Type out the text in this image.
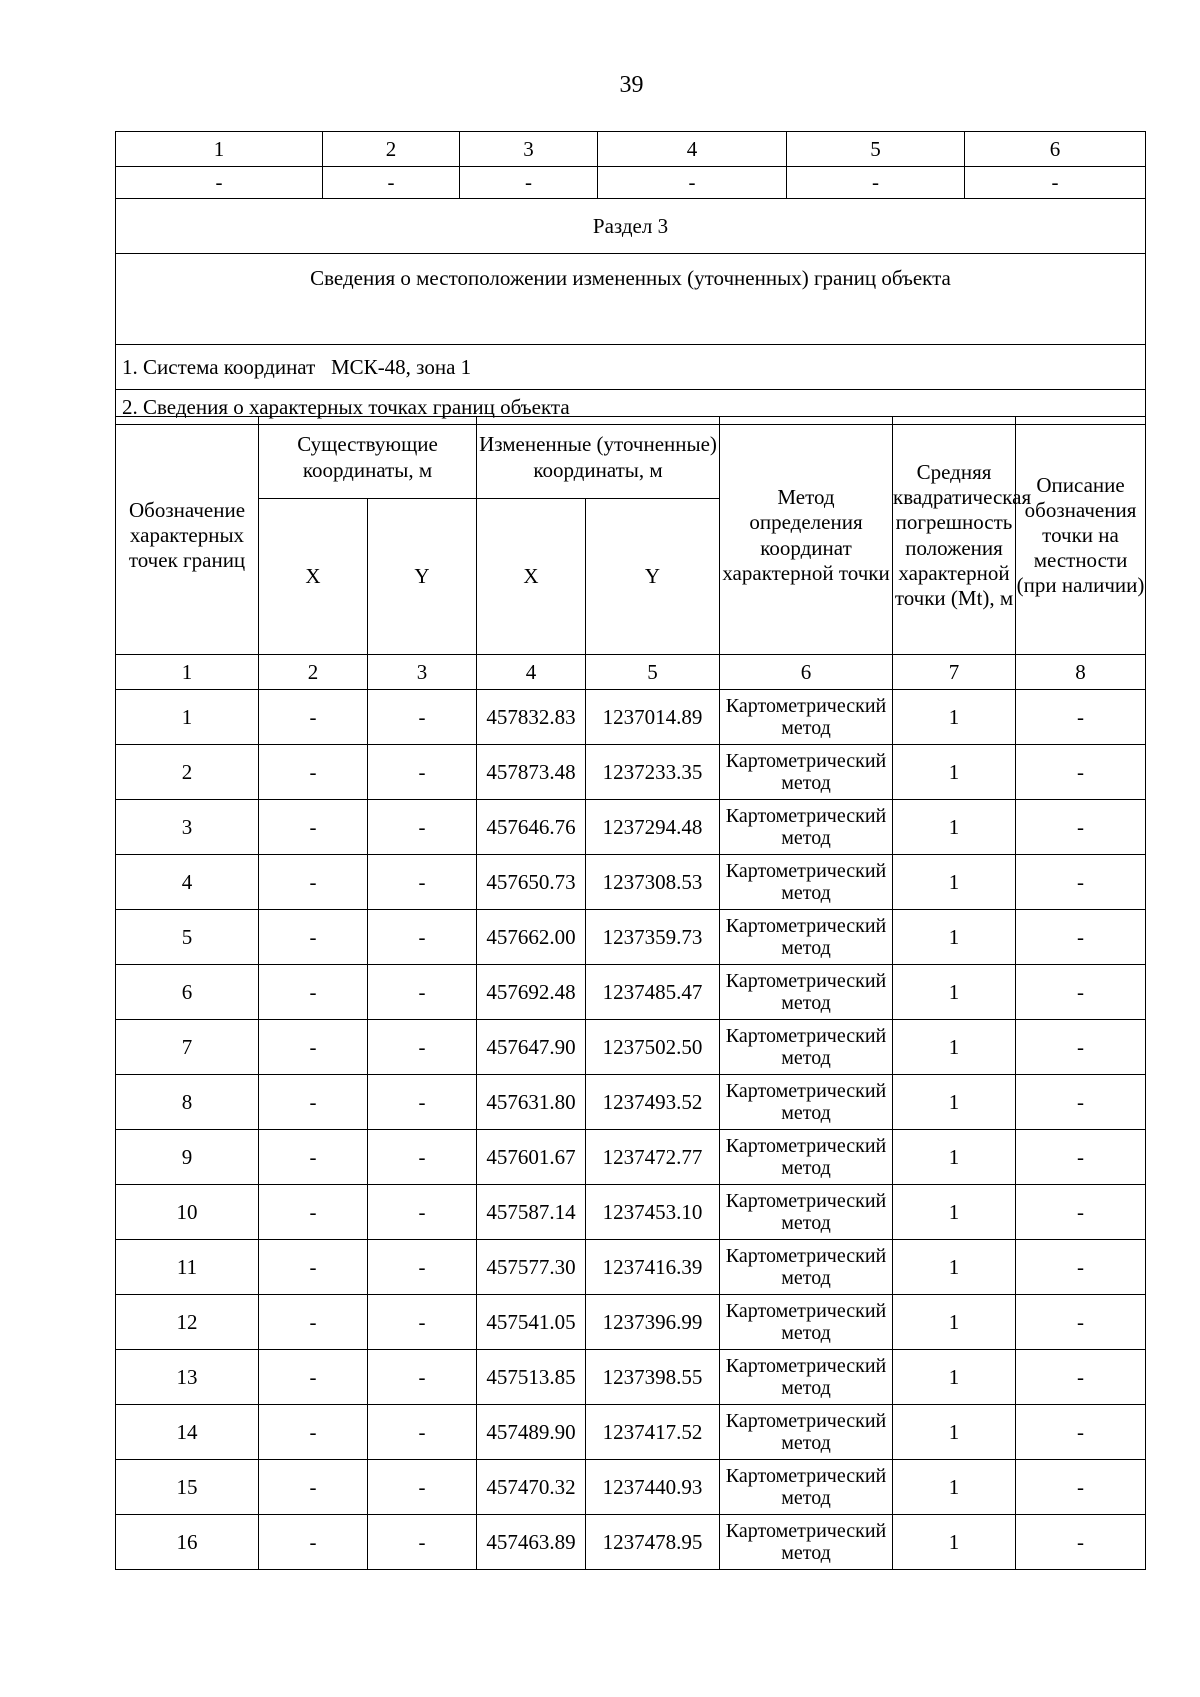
39
1	2	3	4	5	6
-	-	-	-	-	-
Раздел 3					
Сведения о местоположении измененных (уточненных) границ объекта					
1. Система координат   МСК-48, зона 1					
2. Сведения о характерных точках границ объекта					
Обозначение характерных точек границ	Существующие координаты, м		Измененные (уточненные) координаты, м		Метод определения координат характерной точки	Средняя квадратическая погрешность положения характерной точки (Mt), м	Описание обозначения точки на местности (при наличии)
	X	Y	X	Y			
1	2	3	4	5	6	7	8
1	-	-	457832.83	1237014.89	Картометрический метод	1	-
2	-	-	457873.48	1237233.35	Картометрический метод	1	-
3	-	-	457646.76	1237294.48	Картометрический метод	1	-
4	-	-	457650.73	1237308.53	Картометрический метод	1	-
5	-	-	457662.00	1237359.73	Картометрический метод	1	-
6	-	-	457692.48	1237485.47	Картометрический метод	1	-
7	-	-	457647.90	1237502.50	Картометрический метод	1	-
8	-	-	457631.80	1237493.52	Картометрический метод	1	-
9	-	-	457601.67	1237472.77	Картометрический метод	1	-
10	-	-	457587.14	1237453.10	Картометрический метод	1	-
11	-	-	457577.30	1237416.39	Картометрический метод	1	-
12	-	-	457541.05	1237396.99	Картометрический метод	1	-
13	-	-	457513.85	1237398.55	Картометрический метод	1	-
14	-	-	457489.90	1237417.52	Картометрический метод	1	-
15	-	-	457470.32	1237440.93	Картометрический метод	1	-
16	-	-	457463.89	1237478.95	Картометрический метод	1	-
